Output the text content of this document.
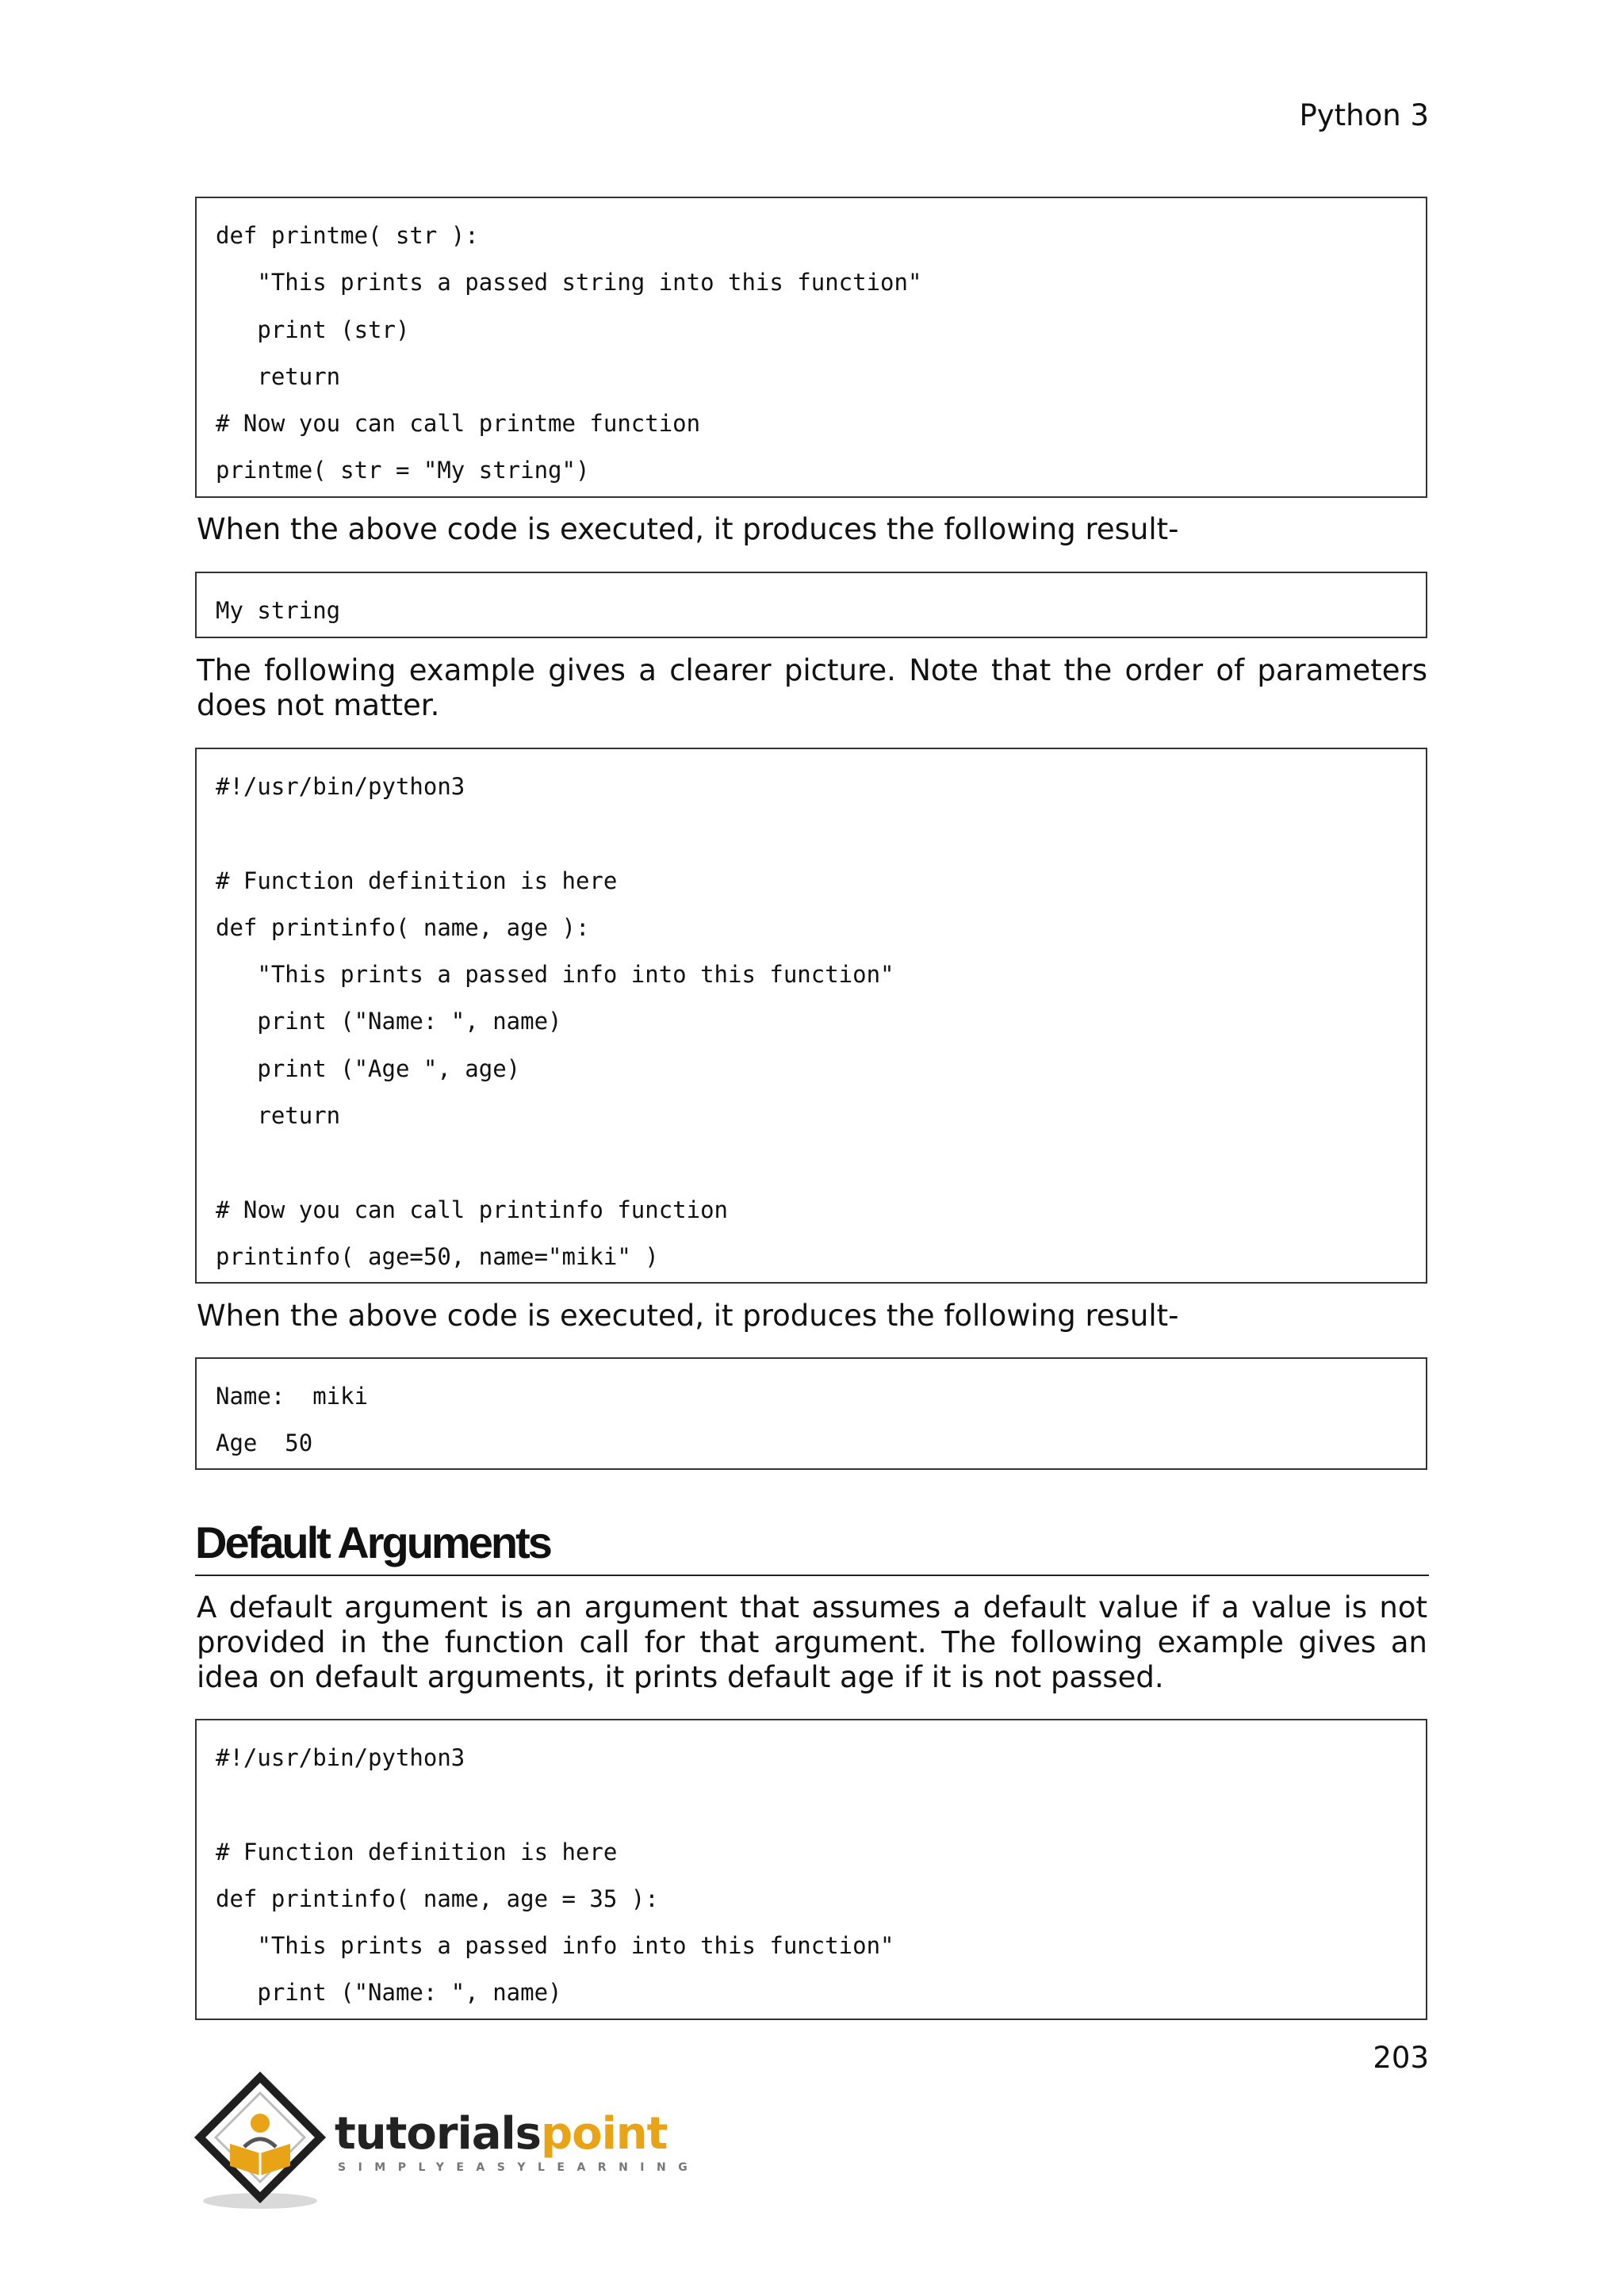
Python 3
def printme( str ):
"This prints a passed string into this function"
print (str)
return
# Now you can call printme function
printme( str = "My string")
When the above code is executed, it produces the following result-
My string
The following example gives a clearer picture. Note that the order of parameters does not matter.
#!/usr/bin/python3
# Function definition is here
def printinfo( name, age ):
"This prints a passed info into this function"
print ("Name: ", name)
print ("Age ", age)
return
# Now you can call printinfo function
printinfo( age=50, name="miki" )
When the above code is executed, it produces the following result-
Name:  miki
Age  50
Default Arguments
A default argument is an argument that assumes a default value if a value is not provided in the function call for that argument. The following example gives an idea on default arguments, it prints default age if it is not passed.
#!/usr/bin/python3
# Function definition is here
def printinfo( name, age = 35 ):
"This prints a passed info into this function"
print ("Name: ", name)
203
tutorialspoint
SIMPLYEASYLEARNING
